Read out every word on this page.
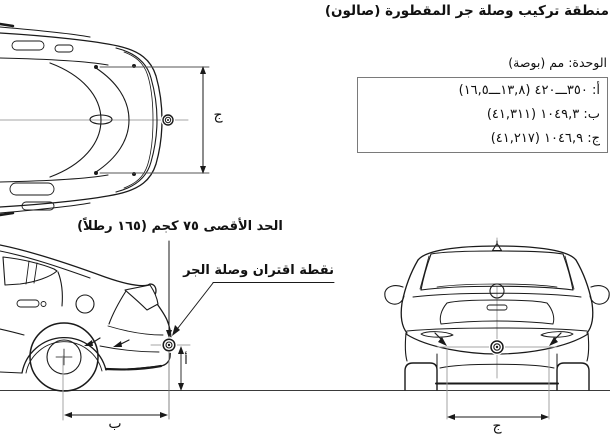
منطقة تركيب وصلة جر المقطورة (صالون)
الوحدة: مم (بوصة)
أ: ٣٥٠ـــ٤٢٠ (١٣,٨ـــ١٦,٥)
ب: ١٠٤٩,٣ (٤١,٣١١)
ج: ١٠٤٦,٩ (٤١,٢١٧)
الحد الأقصى ٧٥ كجم (١٦٥ رطلاً)
نقطة اقتران وصلة الجر
ج
أ
ب	ج
